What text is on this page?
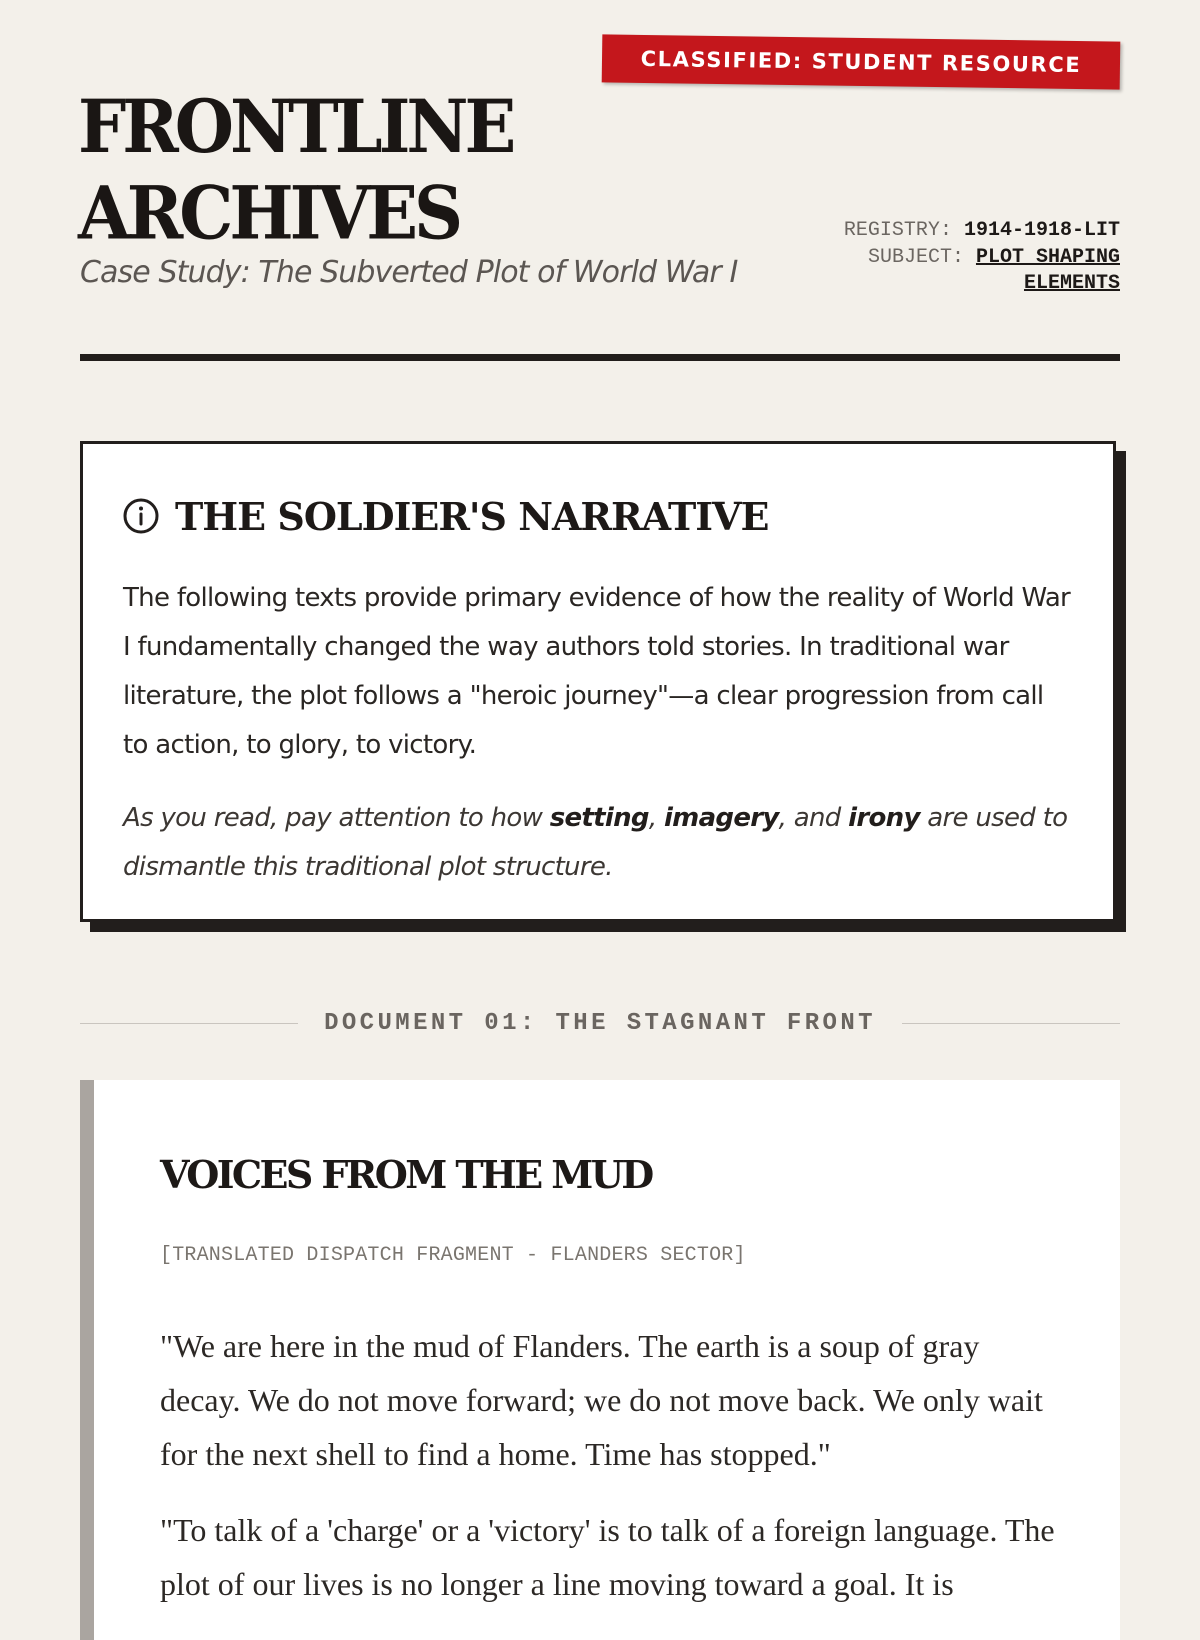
CLASSIFIED: STUDENT RESOURCE
FRONTLINE
ARCHIVES
Case Study: The Subverted Plot of World War I
REGISTRY: 1914-1918-LIT
SUBJECT: PLOT SHAPING
ELEMENTS
THE SOLDIER'S NARRATIVE

The following texts provide primary evidence of how the reality of World War I fundamentally changed the way authors told stories. In traditional war literature, the plot follows a "heroic journey"—a clear progression from call to action, to glory, to victory.

As you read, pay attention to how setting, imagery, and irony are used to dismantle this traditional plot structure.

DOCUMENT 01: THE STAGNANT FRONT
VOICES FROM THE MUD
[TRANSLATED DISPATCH FRAGMENT - FLANDERS SECTOR]

"We are here in the mud of Flanders. The earth is a soup of gray decay. We do not move forward; we do not move back. We only wait for the next shell to find a home. Time has stopped."

"To talk of a 'charge' or a 'victory' is to talk of a foreign language. The plot of our lives is no longer a line moving toward a goal. It is
